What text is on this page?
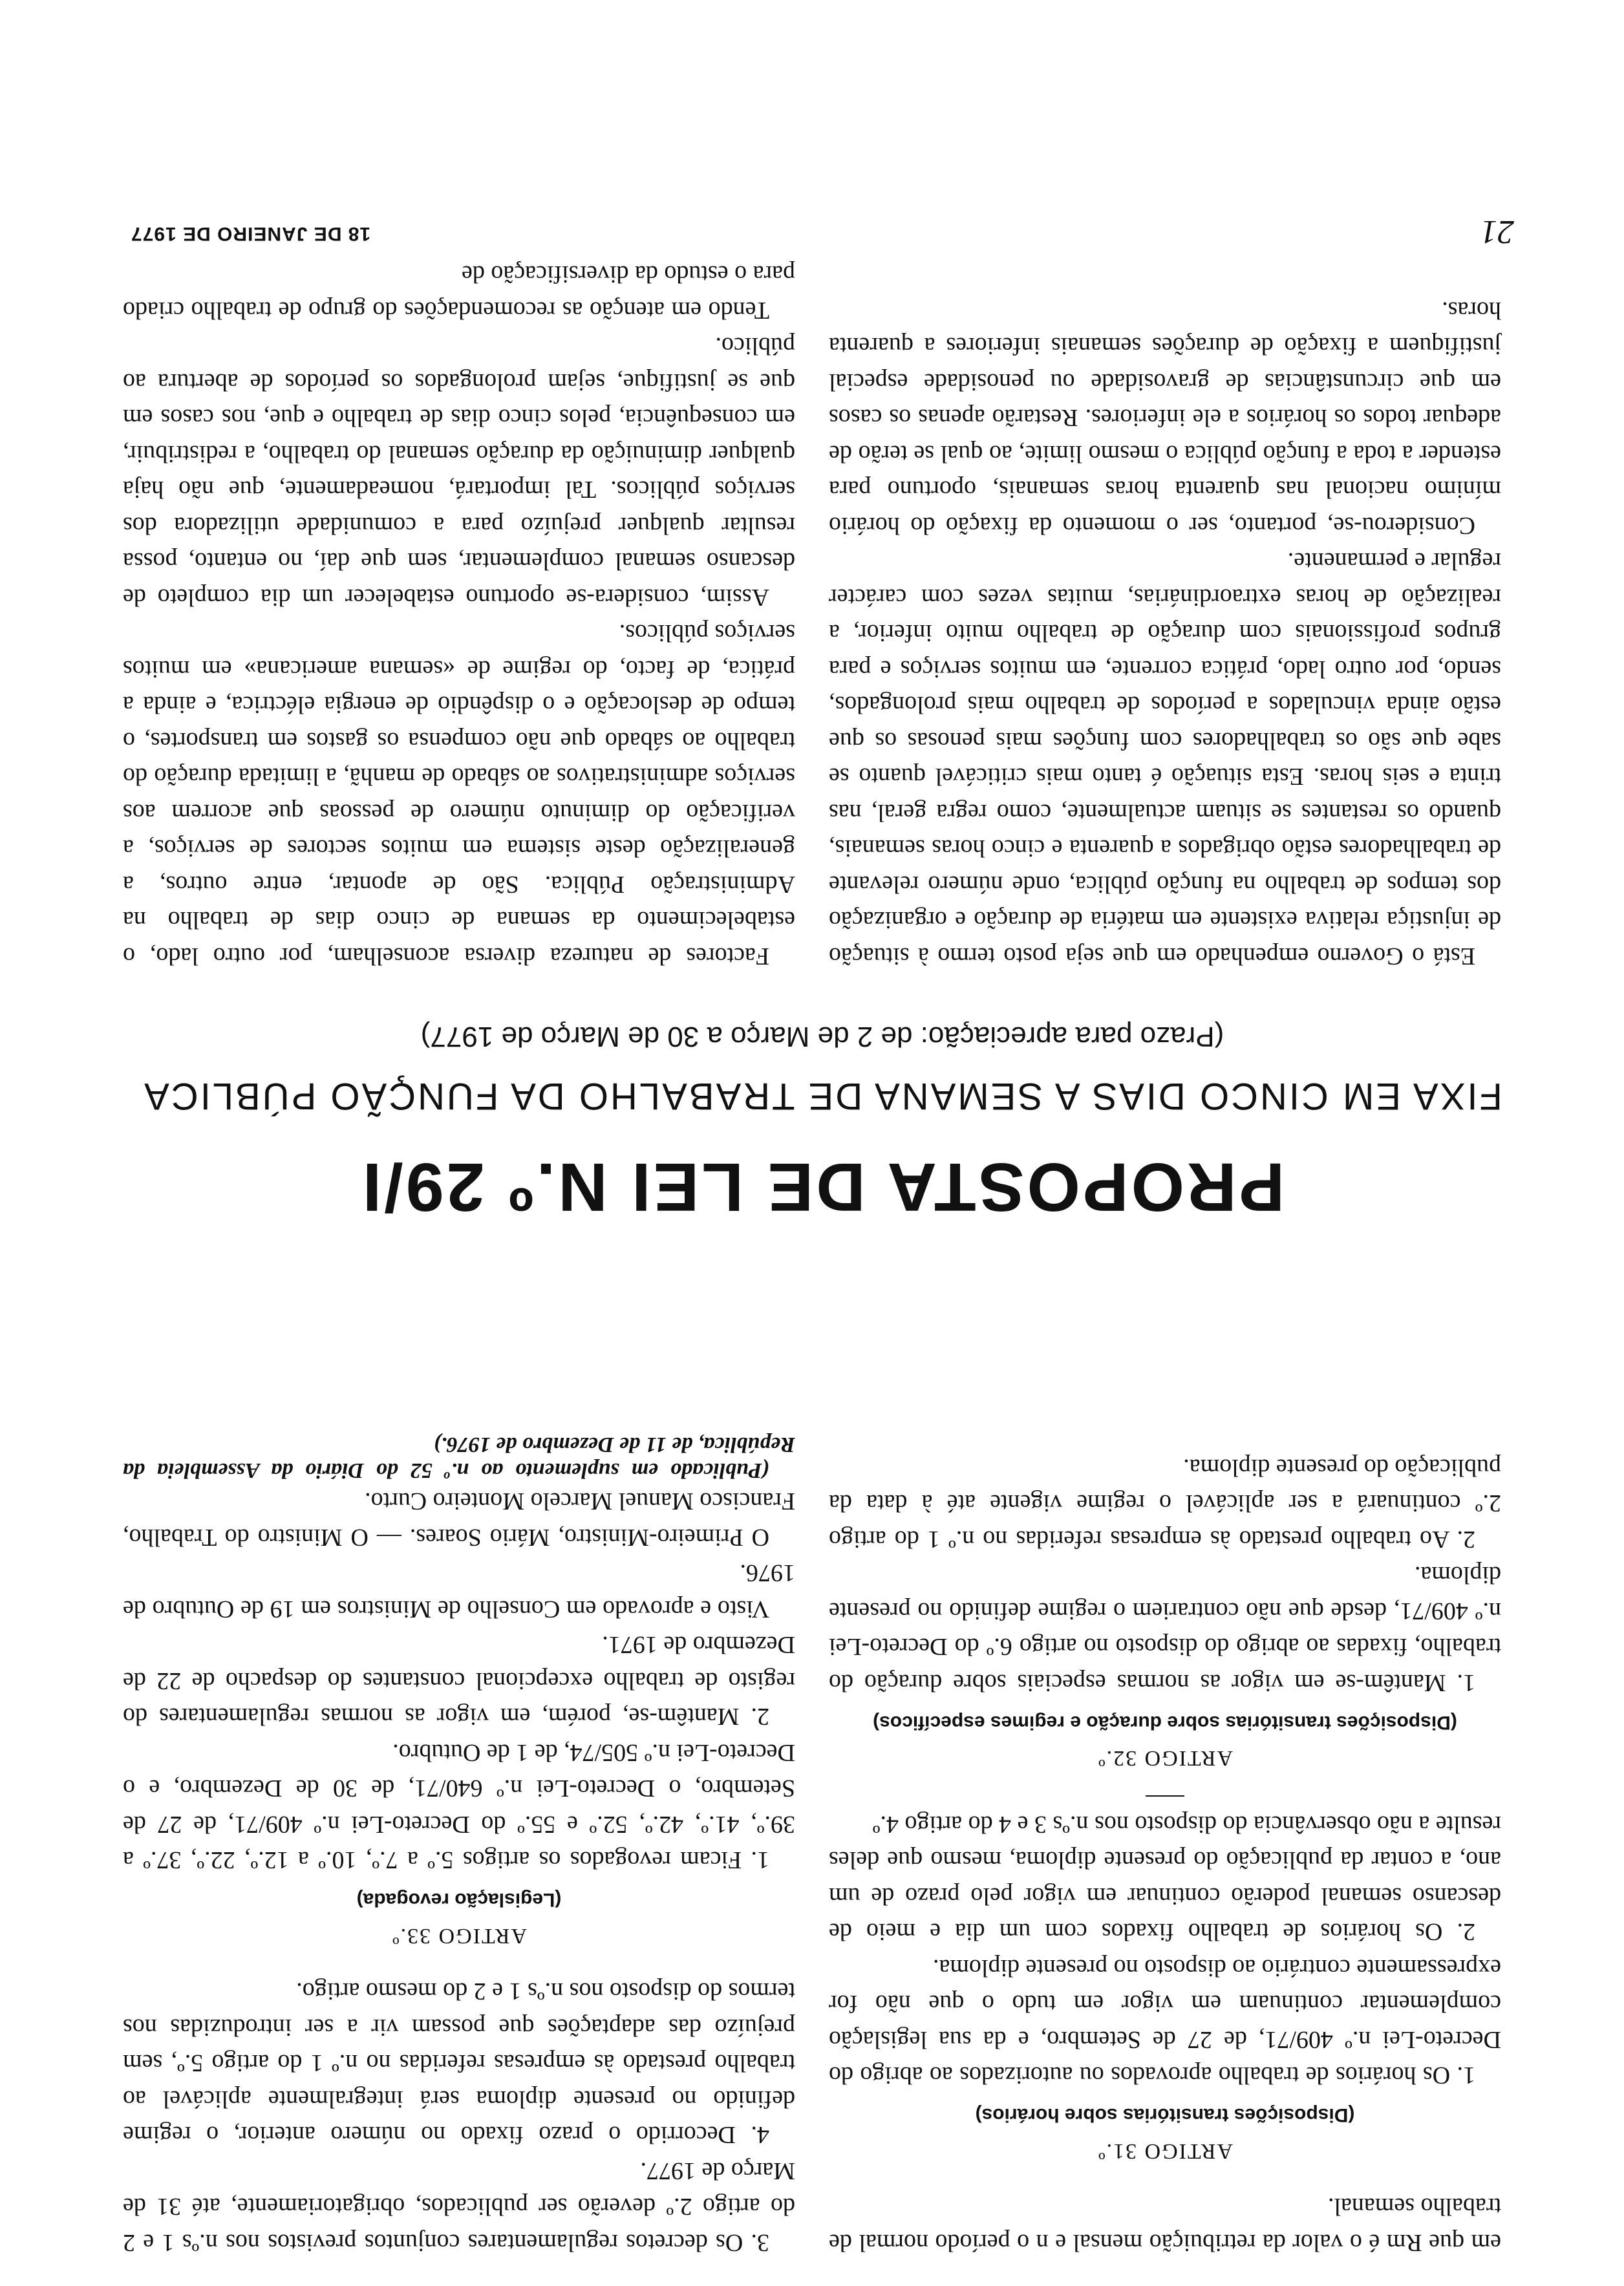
18 DE JANEIRO DE 1977	21

em que Rm é o valor da retribuição mensal e n o período normal de trabalho semanal.

ARTIGO 31.º

(Disposições transitórias sobre horários)

1. Os horários de trabalho aprovados ou autorizados ao abrigo do Decreto-Lei n.º 409/71, de 27 de Setembro, e da sua legislação complementar continuam em vigor em tudo o que não for expressamente contrário ao disposto no presente diploma.

2. Os horários de trabalho fixados com um dia e meio de descanso semanal poderão continuar em vigor pelo prazo de um ano, a contar da publicação do presente diploma, mesmo que deles resulte a não observância do disposto nos n.ºs 3 e 4 do artigo 4.º

ARTIGO 32.º

(Disposições transitórias sobre duração e regimes específicos)

1. Mantêm-se em vigor as normas especiais sobre duração do trabalho, fixadas ao abrigo do disposto no artigo 6.º do Decreto-Lei n.º 409/71, desde que não contrariem o regime definido no presente diploma.

2. Ao trabalho prestado às empresas referidas no n.º 1 do artigo 2.º continuará a ser aplicável o regime vigente até à data da publicação do presente diploma.

3. Os decretos regulamentares conjuntos previstos nos n.ºs 1 e 2 do artigo 2.º deverão ser publicados, obrigatoriamente, até 31 de Março de 1977.

4. Decorrido o prazo fixado no número anterior, o regime definido no presente diploma será integralmente aplicável ao trabalho prestado às empresas referidas no n.º 1 do artigo 5.º, sem prejuízo das adaptações que possam vir a ser introduzidas nos termos do disposto nos n.ºs 1 e 2 do mesmo artigo.

ARTIGO 33.º

(Legislação revogada)

1. Ficam revogados os artigos 5.º a 7.º, 10.º a 12.º, 22.º, 37.º a 39.º, 41.º, 42.º, 52.º e 55.º do Decreto-Lei n.º 409/71, de 27 de Setembro, o Decreto-Lei n.º 640/71, de 30 de Dezembro, e o Decreto-Lei n.º 505/74, de 1 de Outubro.

2. Mantêm-se, porém, em vigor as normas regulamentares do registo de trabalho excepcional constantes do despacho de 22 de Dezembro de 1971.

Visto e aprovado em Conselho de Ministros em 19 de Outubro de 1976.

O Primeiro-Ministro, Mário Soares. — O Ministro do Trabalho, Francisco Manuel Marcelo Monteiro Curto.

(Publicado em suplemento ao n.º 52 do Diário da Assembleia da República, de 11 de Dezembro de 1976.)

PROPOSTA DE LEI N.º 29/I

FIXA EM CINCO DIAS A SEMANA DE TRABALHO DA FUNÇÃO PÚBLICA

(Prazo para apreciação: de 2 de Março a 30 de Março de 1977)

Está o Governo empenhado em que seja posto termo à situação de injustiça relativa existente em matéria de duração e organização dos tempos de trabalho na função pública, onde número relevante de trabalhadores estão obrigados a quarenta e cinco horas semanais, quando os restantes se situam actualmente, como regra geral, nas trinta e seis horas. Esta situação é tanto mais criticável quanto se sabe que são os trabalhadores com funções mais penosas os que estão ainda vinculados a períodos de trabalho mais prolongados, sendo, por outro lado, prática corrente, em muitos serviços e para grupos profissionais com duração de trabalho muito inferior, a realização de horas extraordinárias, muitas vezes com carácter regular e permanente.

Considerou-se, portanto, ser o momento da fixação do horário mínimo nacional nas quarenta horas semanais, oportuno para estender a toda a função pública o mesmo limite, ao qual se terão de adequar todos os horários a ele inferiores. Restarão apenas os casos em que circunstâncias de gravosidade ou penosidade especial justifiquem a fixação de durações semanais inferiores a quarenta horas.

Factores de natureza diversa aconselham, por outro lado, o estabelecimento da semana de cinco dias de trabalho na Administração Pública. São de apontar, entre outros, a generalização deste sistema em muitos sectores de serviços, a verificação do diminuto número de pessoas que acorrem aos serviços administrativos ao sábado de manhã, a limitada duração do trabalho ao sábado que não compensa os gastos em transportes, o tempo de deslocação e o dispêndio de energia eléctrica, e ainda a prática, de facto, do regime de «semana americana» em muitos serviços públicos.

Assim, considera-se oportuno estabelecer um dia completo de descanso semanal complementar, sem que daí, no entanto, possa resultar qualquer prejuízo para a comunidade utilizadora dos serviços públicos. Tal importará, nomeadamente, que não haja qualquer diminuição da duração semanal do trabalho, a redistribuir, em consequência, pelos cinco dias de trabalho e que, nos casos em que se justifique, sejam prolongados os períodos de abertura ao público.

Tendo em atenção as recomendações do grupo de trabalho criado para o estudo da diversificação de
